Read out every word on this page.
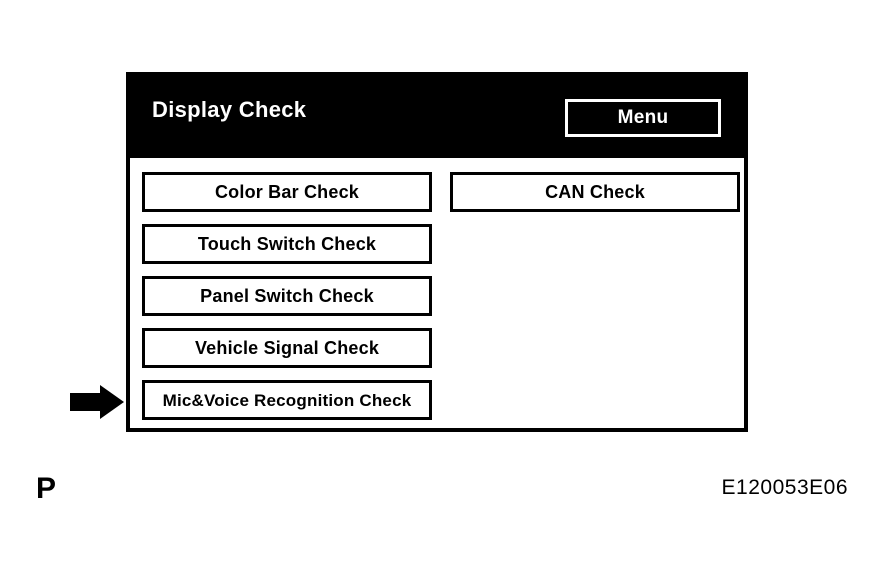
Display Check	Menu
Color Bar Check
Touch Switch Check
Panel Switch Check
Vehicle Signal Check
Mic&Voice Recognition Check
CAN Check
P	E120053E06
